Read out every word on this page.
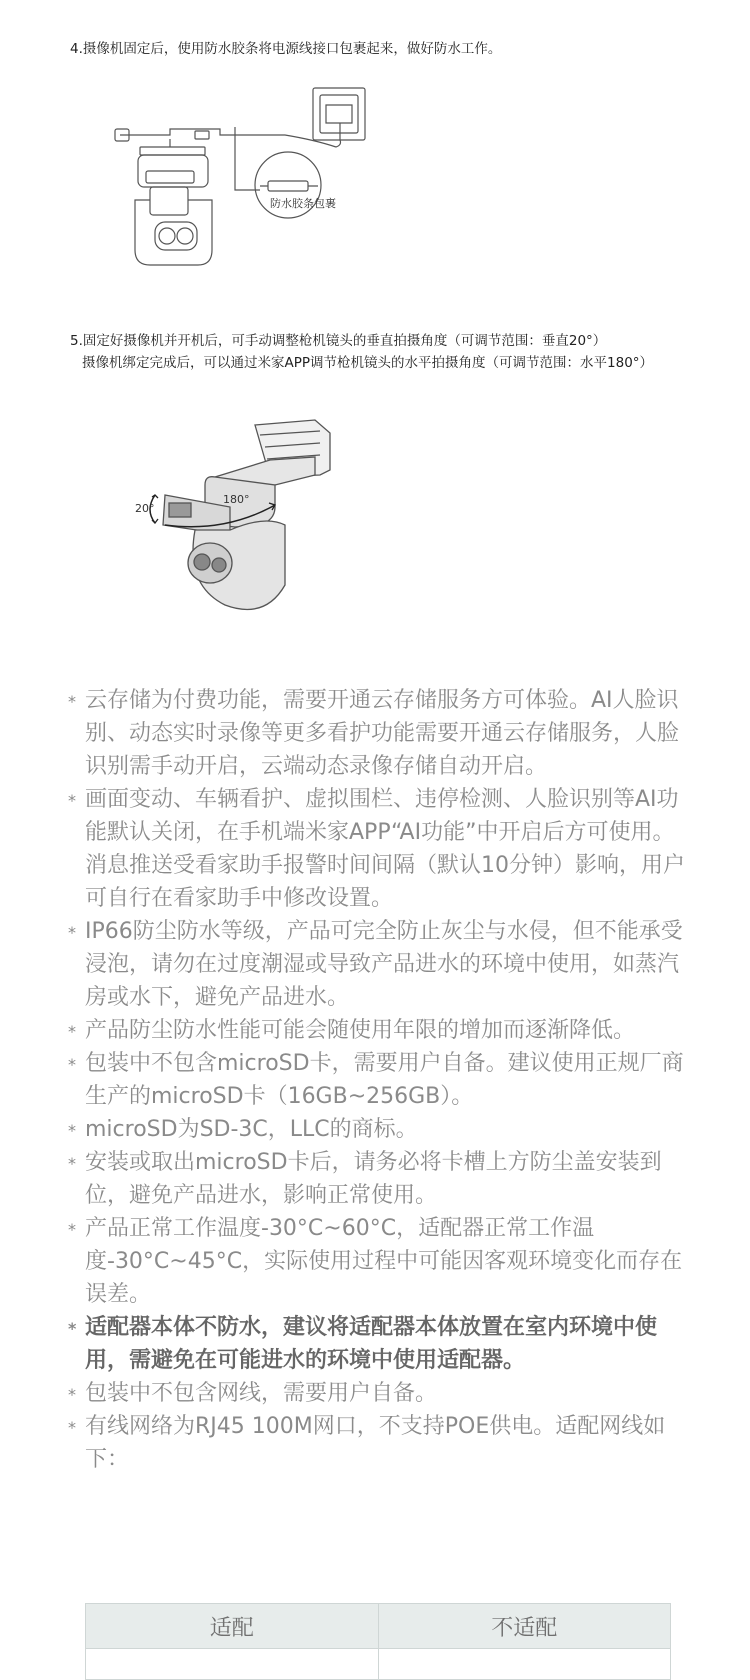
4.摄像机固定后，使用防水胶条将电源线接口包裹起来，做好防水工作。
防水胶条包裹
5.固定好摄像机并开机后，可手动调整枪机镜头的垂直拍摄角度（可调节范围：垂直20°）
摄像机绑定完成后，可以通过米家APP调节枪机镜头的水平拍摄角度（可调节范围：水平180°）
20°
180°
* 云存储为付费功能，需要开通云存储服务方可体验。AI人脸识别、动态实时录像等更多看护功能需要开通云存储服务，人脸识别需手动开启，云端动态录像存储自动开启。
* 画面变动、车辆看护、虚拟围栏、违停检测、人脸识别等AI功能默认关闭，在手机端米家APP“AI功能”中开启后方可使用。消息推送受看家助手报警时间间隔（默认10分钟）影响，用户可自行在看家助手中修改设置。
* IP66防尘防水等级，产品可完全防止灰尘与水侵，但不能承受浸泡，请勿在过度潮湿或导致产品进水的环境中使用，如蒸汽房或水下，避免产品进水。
* 产品防尘防水性能可能会随使用年限的增加而逐渐降低。
* 包装中不包含microSD卡，需要用户自备。建议使用正规厂商生产的microSD卡（16GB~256GB）。
* microSD为SD-3C，LLC的商标。
* 安装或取出microSD卡后，请务必将卡槽上方防尘盖安装到位，避免产品进水，影响正常使用。
* 产品正常工作温度-30°C~60°C，适配器正常工作温度-30°C~45°C，实际使用过程中可能因客观环境变化而存在误差。
* 适配器本体不防水，建议将适配器本体放置在室内环境中使用，需避免在可能进水的环境中使用适配器。
* 包装中不包含网线，需要用户自备。
* 有线网络为RJ45 100M网口，不支持POE供电。适配网线如下：
适配	不适配
